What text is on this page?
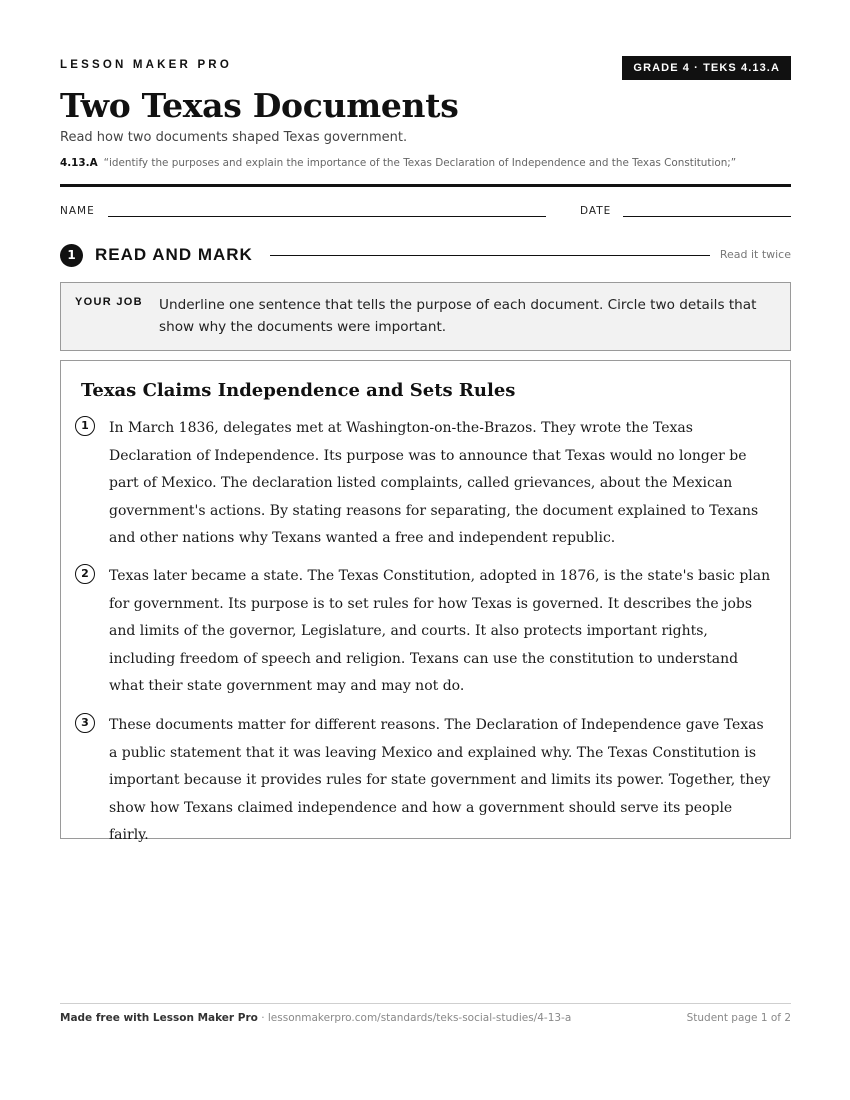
LESSON MAKER PRO	GRADE 4 · TEKS 4.13.A
Two Texas Documents
Read how two documents shaped Texas government.
4.13.A “identify the purposes and explain the importance of the Texas Declaration of Independence and the Texas Constitution;”
NAME	DATE
1	READ AND MARK	Read it twice
YOUR JOB Underline one sentence that tells the purpose of each document. Circle two details that show why the documents were important.
Texas Claims Independence and Sets Rules
1	In March 1836, delegates met at Washington-on-the-Brazos. They wrote the Texas Declaration of Independence. Its purpose was to announce that Texas would no longer be part of Mexico. The declaration listed complaints, called grievances, about the Mexican government's actions. By stating reasons for separating, the document explained to Texans and other nations why Texans wanted a free and independent republic.

2	Texas later became a state. The Texas Constitution, adopted in 1876, is the state's basic plan for government. Its purpose is to set rules for how Texas is governed. It describes the jobs and limits of the governor, Legislature, and courts. It also protects important rights, including freedom of speech and religion. Texans can use the constitution to understand what their state government may and may not do.

3	These documents matter for different reasons. The Declaration of Independence gave Texas a public statement that it was leaving Mexico and explained why. The Texas Constitution is important because it provides rules for state government and limits its power. Together, they show how Texans claimed independence and how a government should serve its people fairly.

Made free with Lesson Maker Pro · lessonmakerpro.com/standards/teks-social-studies/4-13-a	Student page 1 of 2
